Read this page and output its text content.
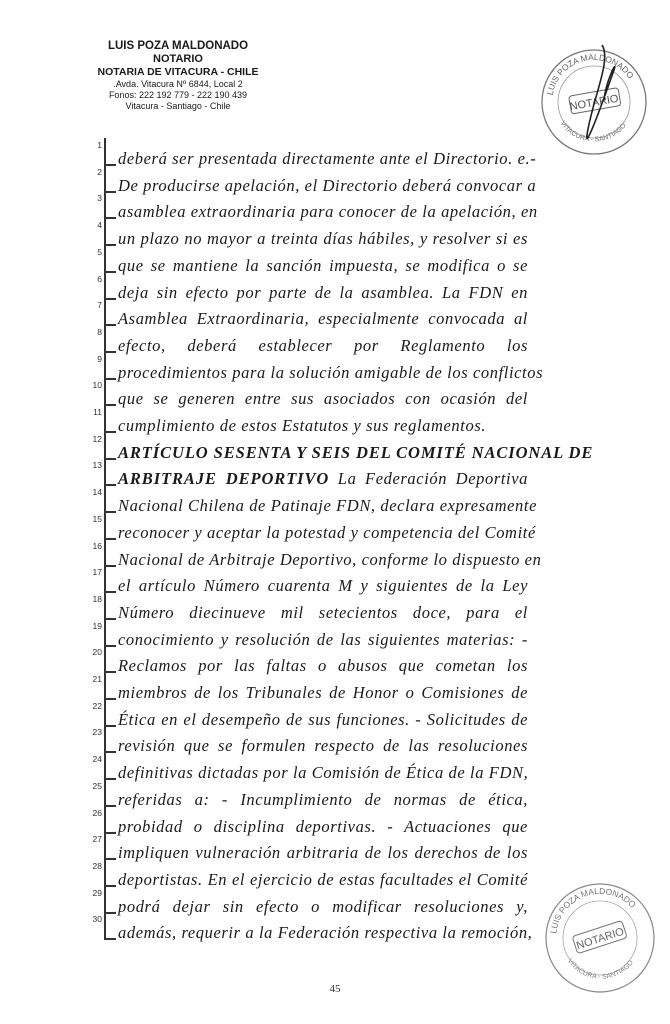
LUIS POZA MALDONADO
NOTARIO
NOTARIA DE VITACURA - CHILE
.Avda. Vitacura Nº 6844, Local 2
Fonos: 222 192 779 - 222 190 439
Vitacura - Santiago - Chile
LUIS POZA MALDONADO
VITACURA - SANTIAGO
NOTARIO
1
deberá ser presentada directamente ante el Directorio. e.-
2
De producirse apelación, el Directorio deberá convocar a
3
asamblea extraordinaria para conocer de la apelación, en
4
un plazo no mayor a treinta días hábiles, y resolver si es
5
que se mantiene la sanción impuesta, se modifica o se
6
deja sin efecto por parte de la asamblea. La FDN en
7
Asamblea Extraordinaria, especialmente convocada al
8
efecto, deberá establecer por Reglamento los
9
procedimientos para la solución amigable de los conflictos
10
que se generen entre sus asociados con ocasión del
11
cumplimiento de estos Estatutos y sus reglamentos.
12
ARTÍCULO SESENTA Y SEIS DEL COMITÉ NACIONAL DE
13
ARBITRAJE DEPORTIVO La Federación Deportiva
14
Nacional Chilena de Patinaje FDN, declara expresamente
15
reconocer y aceptar la potestad y competencia del Comité
16
Nacional de Arbitraje Deportivo, conforme lo dispuesto en
17
el artículo Número cuarenta M y siguientes de la Ley
18
Número diecinueve mil setecientos doce, para el
19
conocimiento y resolución de las siguientes materias: -
20
Reclamos por las faltas o abusos que cometan los
21
miembros de los Tribunales de Honor o Comisiones de
22
Ética en el desempeño de sus funciones. - Solicitudes de
23
revisión que se formulen respecto de las resoluciones
24
definitivas dictadas por la Comisión de Ética de la FDN,
25
referidas a: - Incumplimiento de normas de ética,
26
probidad o disciplina deportivas. - Actuaciones que
27
impliquen vulneración arbitraria de los derechos de los
28
deportistas. En el ejercicio de estas facultades el Comité
29
podrá dejar sin efecto o modificar resoluciones y,
30
además, requerir a la Federación respectiva la remoción, LUIS POZA MALDONADO
VITACURA - SANTIAGO
NOTARIO
45
